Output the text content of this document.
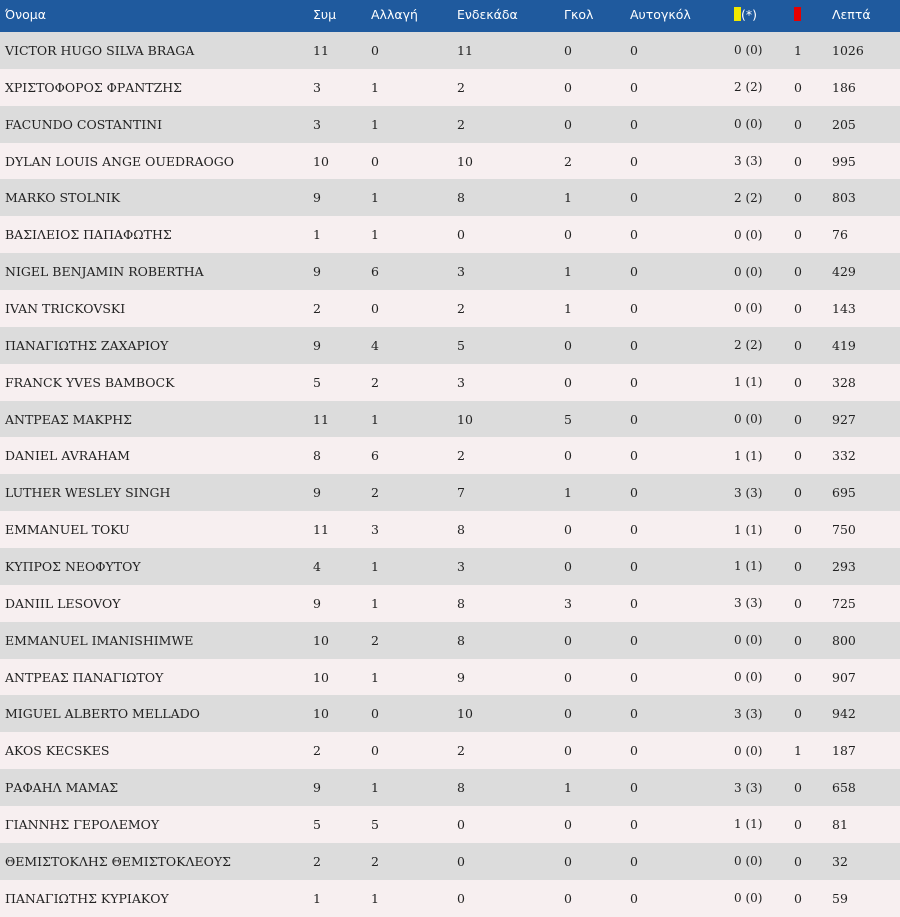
Όνομα	Συμ	Αλλαγή	Ενδεκάδα	Γκολ	Αυτογκόλ	(*)		Λεπτά
VICTOR HUGO SILVA BRAGA	11	0	11	0	0	0 (0)	1	1026
ΧΡΙΣΤΟΦΟΡΟΣ ΦΡΑΝΤΖΗΣ	3	1	2	0	0	2 (2)	0	186
FACUNDO COSTANTINI	3	1	2	0	0	0 (0)	0	205
DYLAN LOUIS ANGE OUEDRAOGO	10	0	10	2	0	3 (3)	0	995
MARKO STOLNIK	9	1	8	1	0	2 (2)	0	803
ΒΑΣΙΛΕΙΟΣ ΠΑΠΑΦΩΤΗΣ	1	1	0	0	0	0 (0)	0	76
NIGEL BENJAMIN ROBERTHA	9	6	3	1	0	0 (0)	0	429
IVAN TRICKOVSKI	2	0	2	1	0	0 (0)	0	143
ΠΑΝΑΓΙΩΤΗΣ ΖΑΧΑΡΙΟΥ	9	4	5	0	0	2 (2)	0	419
FRANCK YVES BAMBOCK	5	2	3	0	0	1 (1)	0	328
ΑΝΤΡΕΑΣ ΜΑΚΡΗΣ	11	1	10	5	0	0 (0)	0	927
DANIEL AVRAHAM	8	6	2	0	0	1 (1)	0	332
LUTHER WESLEY SINGH	9	2	7	1	0	3 (3)	0	695
EMMANUEL TOKU	11	3	8	0	0	1 (1)	0	750
ΚΥΠΡΟΣ ΝΕΟΦΥΤΟΥ	4	1	3	0	0	1 (1)	0	293
DANIIL LESOVOY	9	1	8	3	0	3 (3)	0	725
EMMANUEL IMANISHIMWE	10	2	8	0	0	0 (0)	0	800
ΑΝΤΡΕΑΣ ΠΑΝΑΓΙΩΤΟΥ	10	1	9	0	0	0 (0)	0	907
MIGUEL ALBERTO MELLADO	10	0	10	0	0	3 (3)	0	942
AKOS KECSKES	2	0	2	0	0	0 (0)	1	187
ΡΑΦΑΗΛ ΜΑΜΑΣ	9	1	8	1	0	3 (3)	0	658
ΓΙΑΝΝΗΣ ΓΕΡΟΛΕΜΟΥ	5	5	0	0	0	1 (1)	0	81
ΘΕΜΙΣΤΟΚΛΗΣ ΘΕΜΙΣΤΟΚΛΕΟΥΣ	2	2	0	0	0	0 (0)	0	32
ΠΑΝΑΓΙΩΤΗΣ ΚΥΡΙΑΚΟΥ	1	1	0	0	0	0 (0)	0	59
